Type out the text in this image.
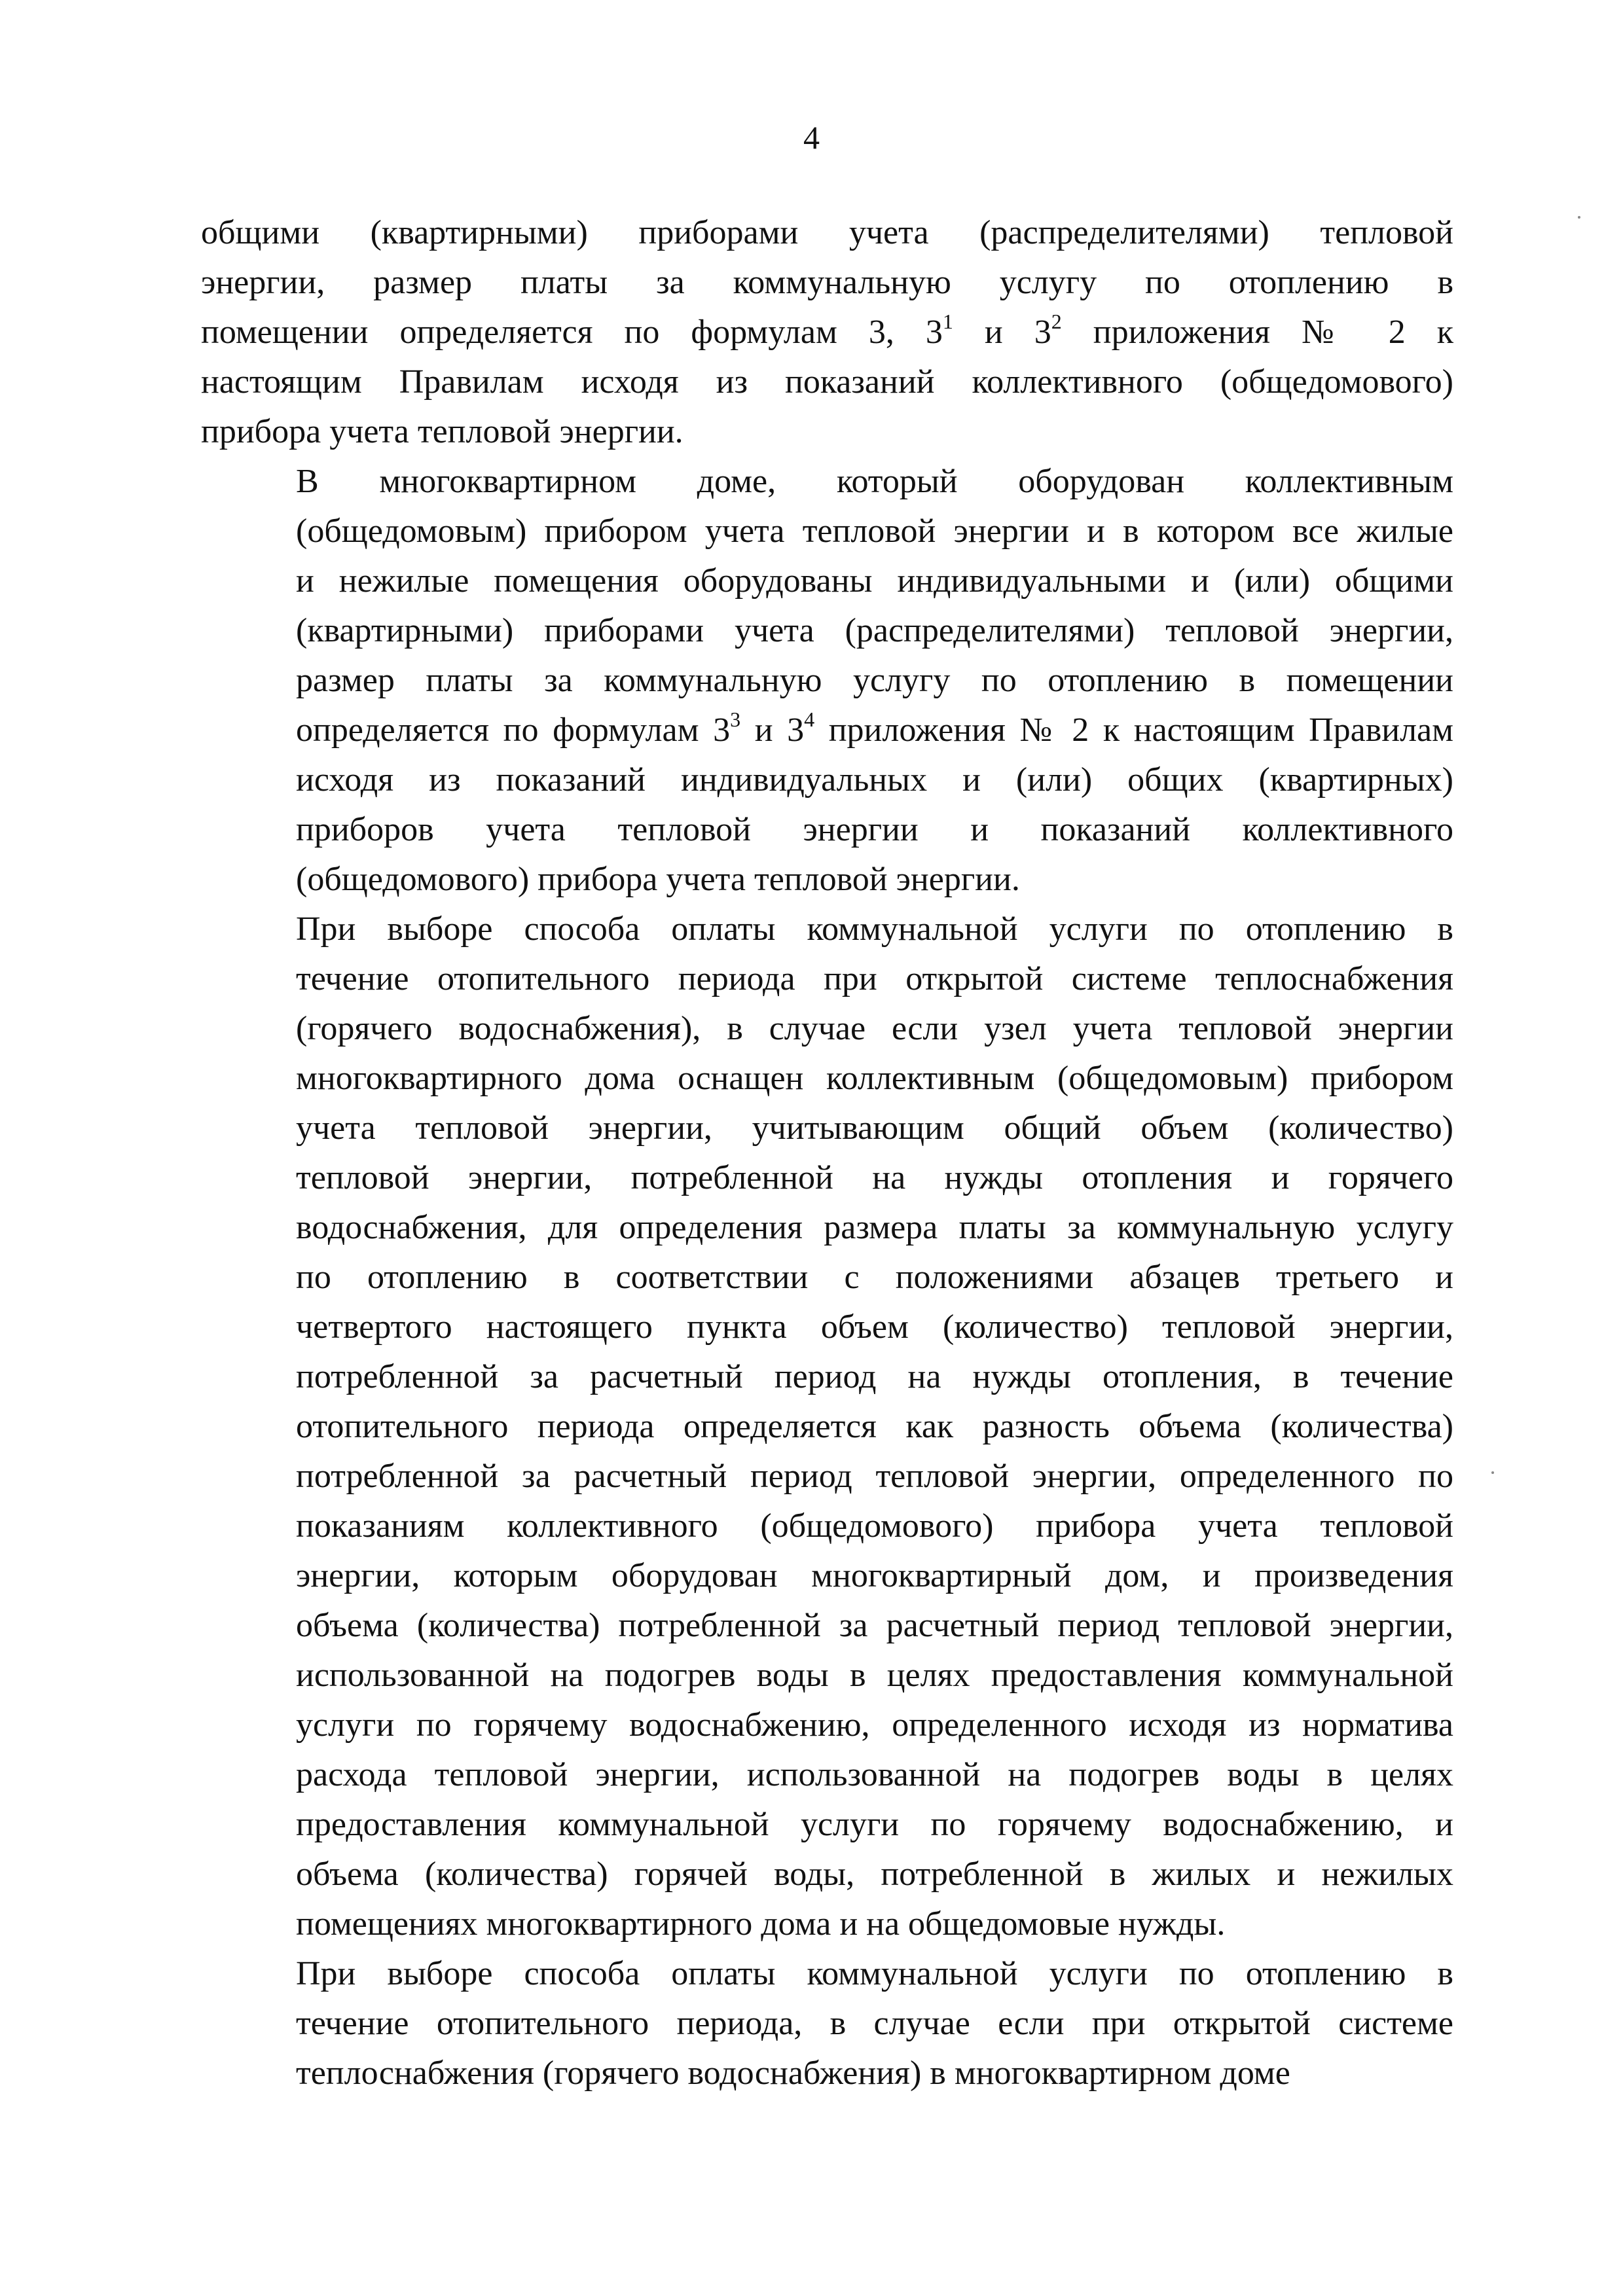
4
общими (квартирными) приборами учета (распределителями) тепловой
энергии, размер платы за коммунальную услугу по отоплению в
помещении определяется по формулам 3, $3^1$ и $3^2$ приложения № 2 к
настоящим Правилам исходя из показаний коллективного (общедомового)
прибора учета тепловой энергии.
В многоквартирном доме, который оборудован коллективным
(общедомовым) прибором учета тепловой энергии и в котором все жилые
и нежилые помещения оборудованы индивидуальными и (или) общими
(квартирными) приборами учета (распределителями) тепловой энергии,
размер платы за коммунальную услугу по отоплению в помещении
определяется по формулам $3^3$ и $3^4$ приложения № 2 к настоящим Правилам
исходя из показаний индивидуальных и (или) общих (квартирных)
приборов учета тепловой энергии и показаний коллективного
(общедомового) прибора учета тепловой энергии.
При выборе способа оплаты коммунальной услуги по отоплению в
течение отопительного периода при открытой системе теплоснабжения
(горячего водоснабжения), в случае если узел учета тепловой энергии
многоквартирного дома оснащен коллективным (общедомовым) прибором
учета тепловой энергии, учитывающим общий объем (количество)
тепловой энергии, потребленной на нужды отопления и горячего
водоснабжения, для определения размера платы за коммунальную услугу
по отоплению в соответствии с положениями абзацев третьего и
четвертого настоящего пункта объем (количество) тепловой энергии,
потребленной за расчетный период на нужды отопления, в течение
отопительного периода определяется как разность объема (количества)
потребленной за расчетный период тепловой энергии, определенного по
показаниям коллективного (общедомового) прибора учета тепловой
энергии, которым оборудован многоквартирный дом, и произведения
объема (количества) потребленной за расчетный период тепловой энергии,
использованной на подогрев воды в целях предоставления коммунальной
услуги по горячему водоснабжению, определенного исходя из норматива
расхода тепловой энергии, использованной на подогрев воды в целях
предоставления коммунальной услуги по горячему водоснабжению, и
объема (количества) горячей воды, потребленной в жилых и нежилых
помещениях многоквартирного дома и на общедомовые нужды.
При выборе способа оплаты коммунальной услуги по отоплению в
течение отопительного периода, в случае если при открытой системе
теплоснабжения (горячего водоснабжения) в многоквартирном доме
